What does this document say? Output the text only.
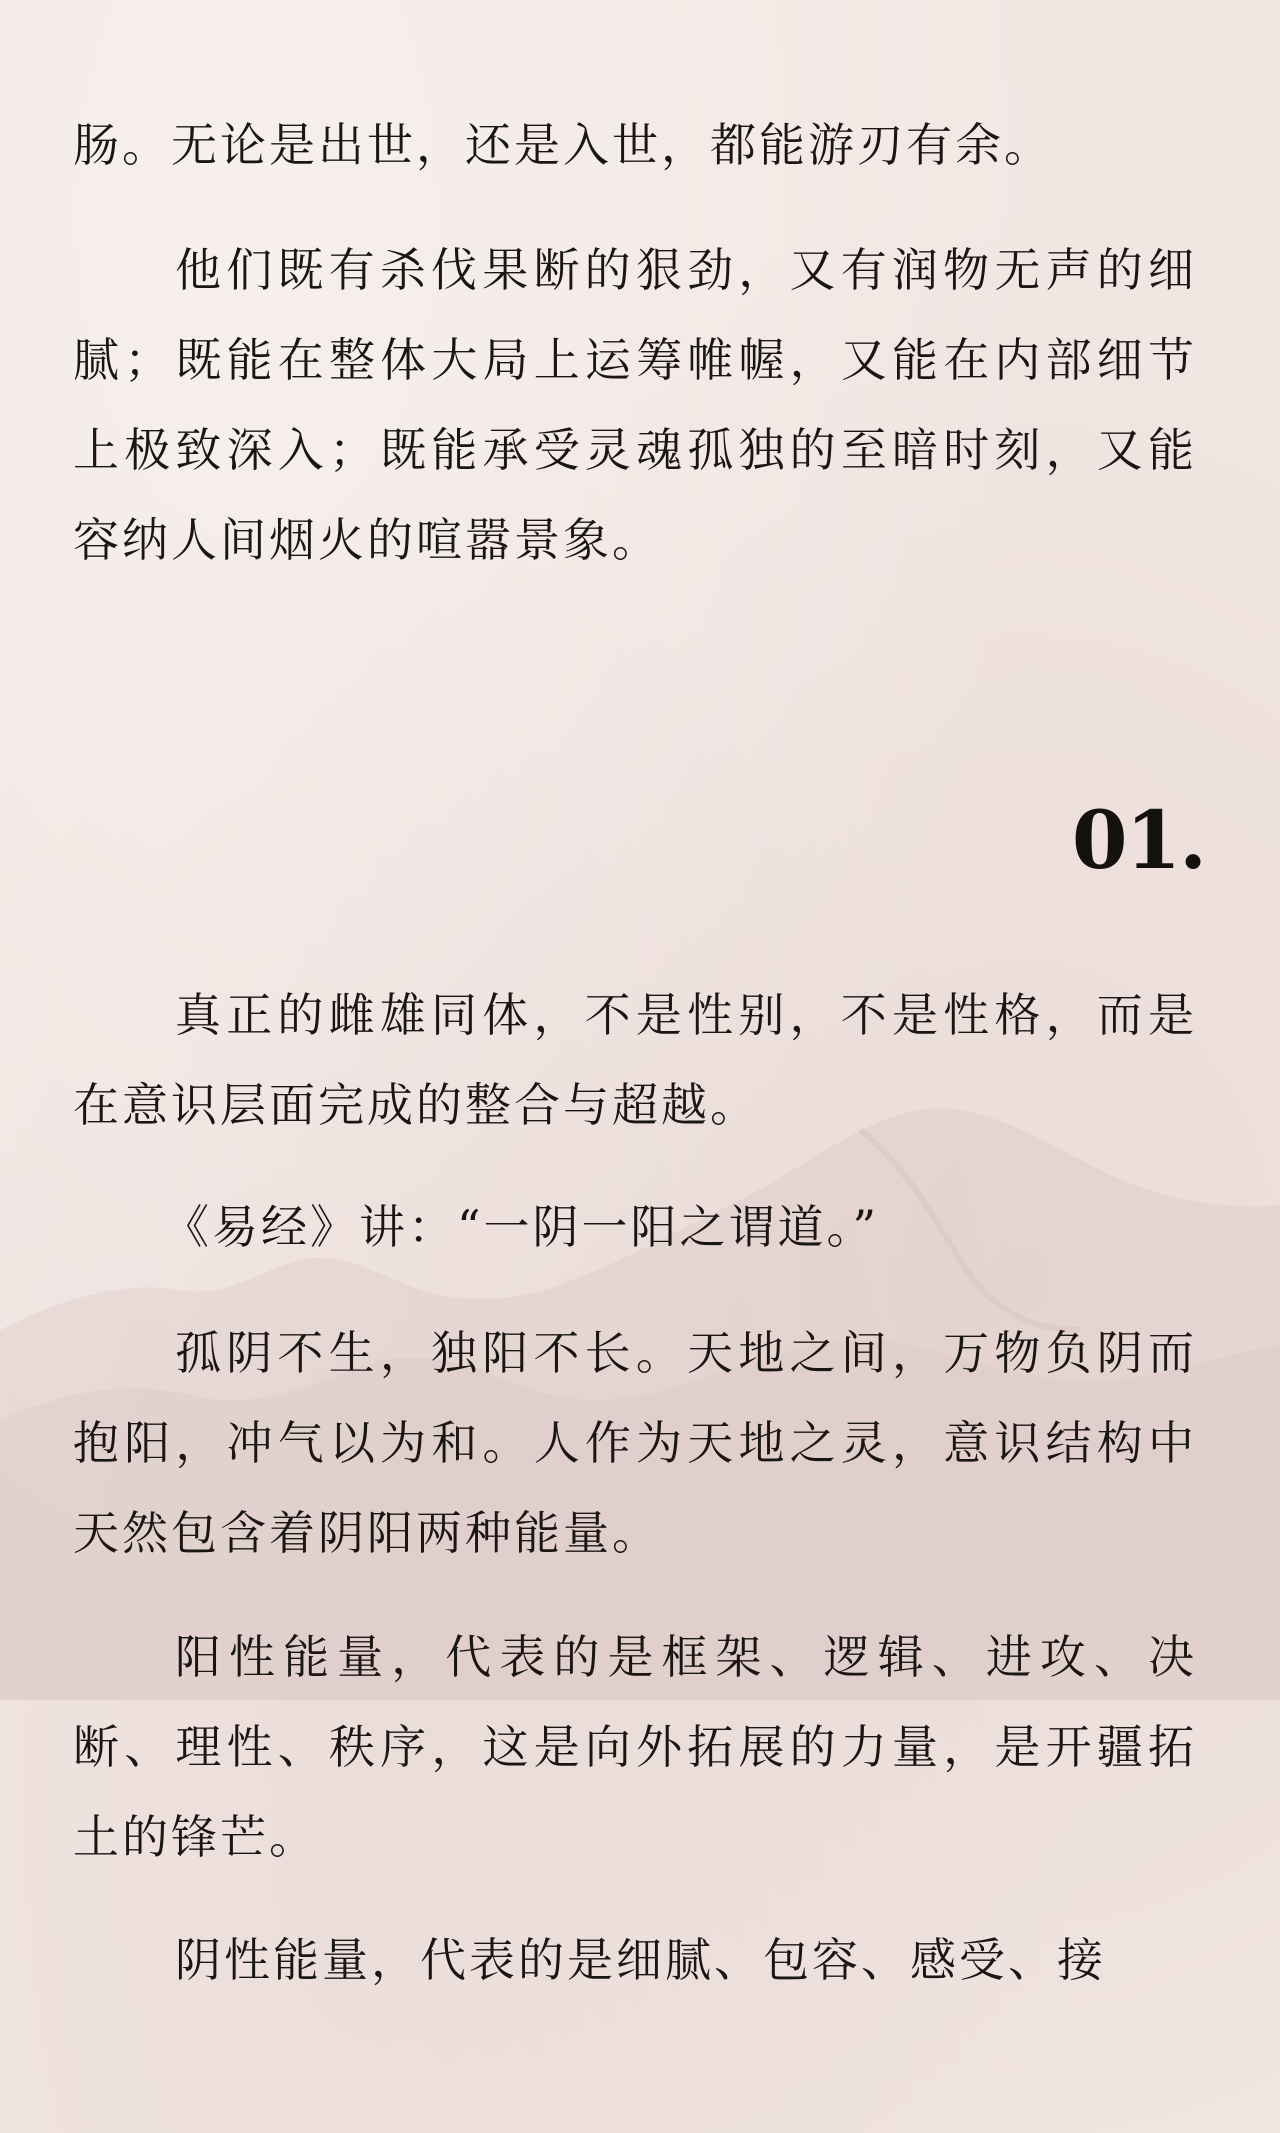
肠。无论是出世，还是入世，都能游刃有余。

他们既有杀伐果断的狠劲，又有润物无声的细腻；既能在整体大局上运筹帷幄，又能在内部细节上极致深入；既能承受灵魂孤独的至暗时刻，又能容纳人间烟火的喧嚣景象。

01.

真正的雌雄同体，不是性别，不是性格，而是在意识层面完成的整合与超越。

《易经》讲：“一阴一阳之谓道。”

孤阴不生，独阳不长。天地之间，万物负阴而抱阳，冲气以为和。人作为天地之灵，意识结构中天然包含着阴阳两种能量。

阳性能量，代表的是框架、逻辑、进攻、决断、理性、秩序，这是向外拓展的力量，是开疆拓土的锋芒。

阴性能量，代表的是细腻、包容、感受、接
